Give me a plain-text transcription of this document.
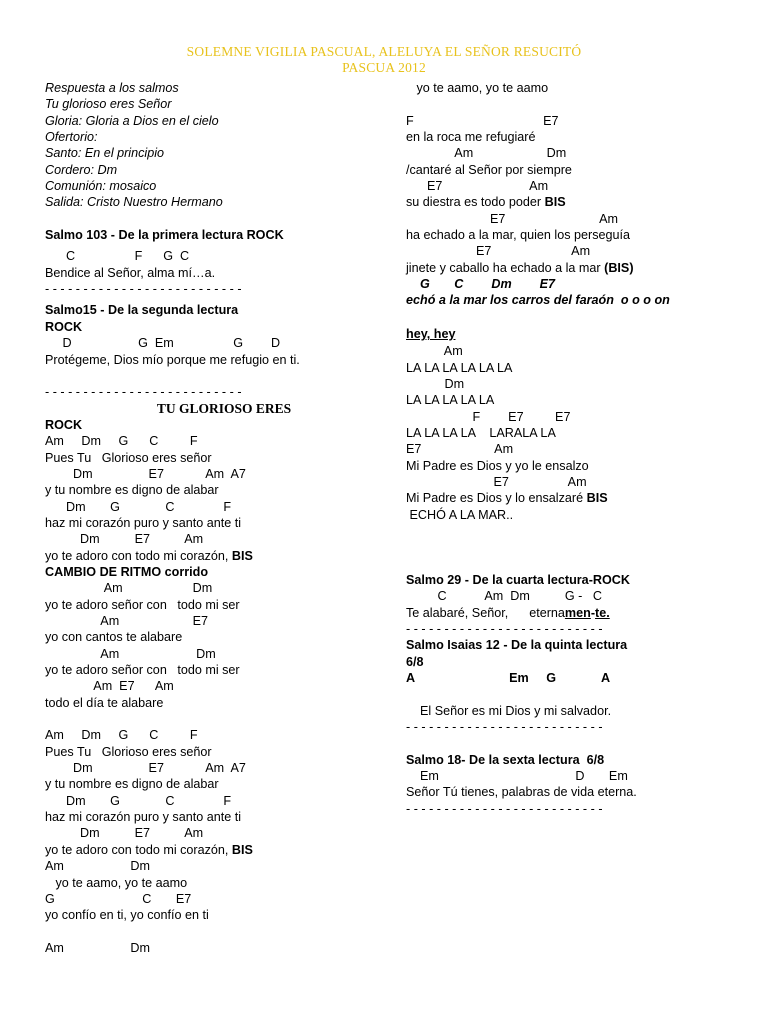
SOLEMNE VIGILIA PASCUAL, ALELUYA EL SEÑOR RESUCITÓ
PASCUA 2012
Respuesta a los salmos
Tu glorioso eres Señor
Gloria: Gloria a Dios en el cielo
Ofertorio:
Santo: En el principio
Cordero: Dm
Comunión: mosaico
Salida: Cristo Nuestro Hermano
Salmo 103 - De la primera lectura ROCK
C                 F      G  C
Bendice al Señor, alma mí…a.
- - - - - - - - - - - - - - - - - - - - - - - - - -
Salmo15 - De la segunda lectura
ROCK
D                   G  Em                 G        D
Protégeme, Dios mío porque me refugio en ti.
- - - - - - - - - - - - - - - - - - - - - - - - - -
TU GLORIOSO ERES
ROCK
Am     Dm     G      C         F
Pues Tu   Glorioso eres señor
Dm                E7            Am  A7
y tu nombre es digno de alabar
Dm       G             C              F
haz mi corazón puro y santo ante ti
Dm          E7          Am
yo te adoro con todo mi corazón, BIS
CAMBIO DE RITMO corrido
Am                    Dm
yo te adoro señor con   todo mi ser
Am                     E7
yo con cantos te alabare
Am                      Dm
yo te adoro señor con   todo mi ser
Am  E7      Am
todo el día te alabare
Am     Dm     G      C         F
Pues Tu   Glorioso eres señor
Dm                E7            Am  A7
y tu nombre es digno de alabar
Dm       G             C              F
haz mi corazón puro y santo ante ti
Dm          E7          Am
yo te adoro con todo mi corazón, BIS
Am                   Dm
yo te aamo, yo te aamo
G                         C       E7
yo confío en ti, yo confío en ti
Am                   Dm
yo te aamo, yo te aamo
F                                     E7
en la roca me refugiaré
Am                     Dm
/cantaré al Señor por siempre
E7                         Am
su diestra es todo poder BIS
E7                           Am
ha echado a la mar, quien los perseguía
E7                       Am
jinete y caballo ha echado a la mar (BIS)
G       C        Dm        E7
echó a la mar los carros del faraón  o o o on
hey, hey
Am
LA LA LA LA LA LA
Dm
LA LA LA LA LA
F        E7         E7
LA LA LA LA    LARALA LA
E7                     Am
Mi Padre es Dios y yo le ensalzo
E7                 Am
Mi Padre es Dios y lo ensalzaré BIS
ECHÓ A LA MAR..
Salmo 29 - De la cuarta lectura-ROCK
C           Am  Dm          G -   C
Te alabaré, Señor,      eternamen-te.
- - - - - - - - - - - - - - - - - - - - - - - - - -
Salmo Isaias 12 - De la quinta lectura
6/8
A                           Em     G             A
El Señor es mi Dios y mi salvador.
- - - - - - - - - - - - - - - - - - - - - - - - - -
Salmo 18- De la sexta lectura  6/8
Em                                       D       Em
Señor Tú tienes, palabras de vida eterna.
- - - - - - - - - - - - - - - - - - - - - - - - - -
